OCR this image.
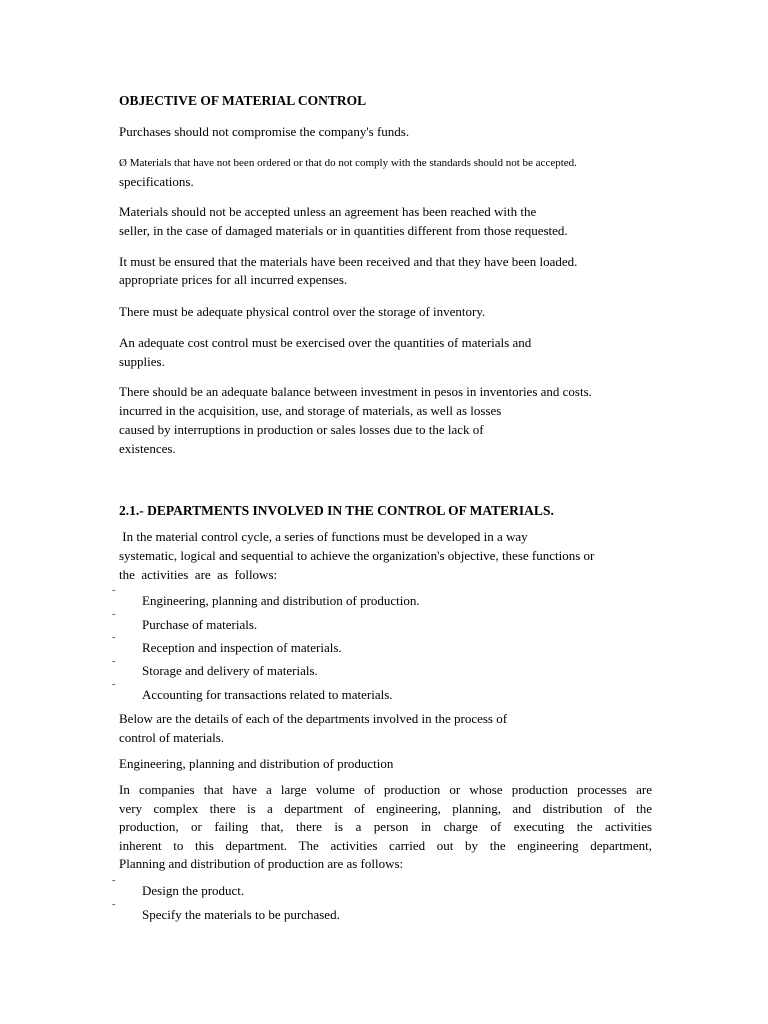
OBJECTIVE OF MATERIAL CONTROL

Purchases should not compromise the company's funds.

Ø Materials that have not been ordered or that do not comply with the standards should not be accepted.

specifications.

Materials should not be accepted unless an agreement has been reached with the

seller, in the case of damaged materials or in quantities different from those requested.

It must be ensured that the materials have been received and that they have been loaded.

appropriate prices for all incurred expenses.

There must be adequate physical control over the storage of inventory.

An adequate cost control must be exercised over the quantities of materials and

supplies.

There should be an adequate balance between investment in pesos in inventories and costs.

incurred in the acquisition, use, and storage of materials, as well as losses

caused by interruptions in production or sales losses due to the lack of

existences.

2.1.- DEPARTMENTS INVOLVED IN THE CONTROL OF MATERIALS.

In the material control cycle, a series of functions must be developed in a way

systematic, logical and sequential to achieve the organization's objective, these functions or

the  activities  are  as  follows:

˜ Engineering, planning and distribution of production.
˜ Purchase of materials.
˜ Reception and inspection of materials.
˜ Storage and delivery of materials.
˜ Accounting for transactions related to materials.

Below are the details of each of the departments involved in the process of

control of materials.

Engineering, planning and distribution of production

In companies that have a large volume of production or whose production processes are
very complex there is a department of engineering, planning, and distribution of the
production, or failing that, there is a person in charge of executing the activities
inherent to this department. The activities carried out by the engineering department,
Planning and distribution of production are as follows:
˜ Design the product.
˜ Specify the materials to be purchased.
